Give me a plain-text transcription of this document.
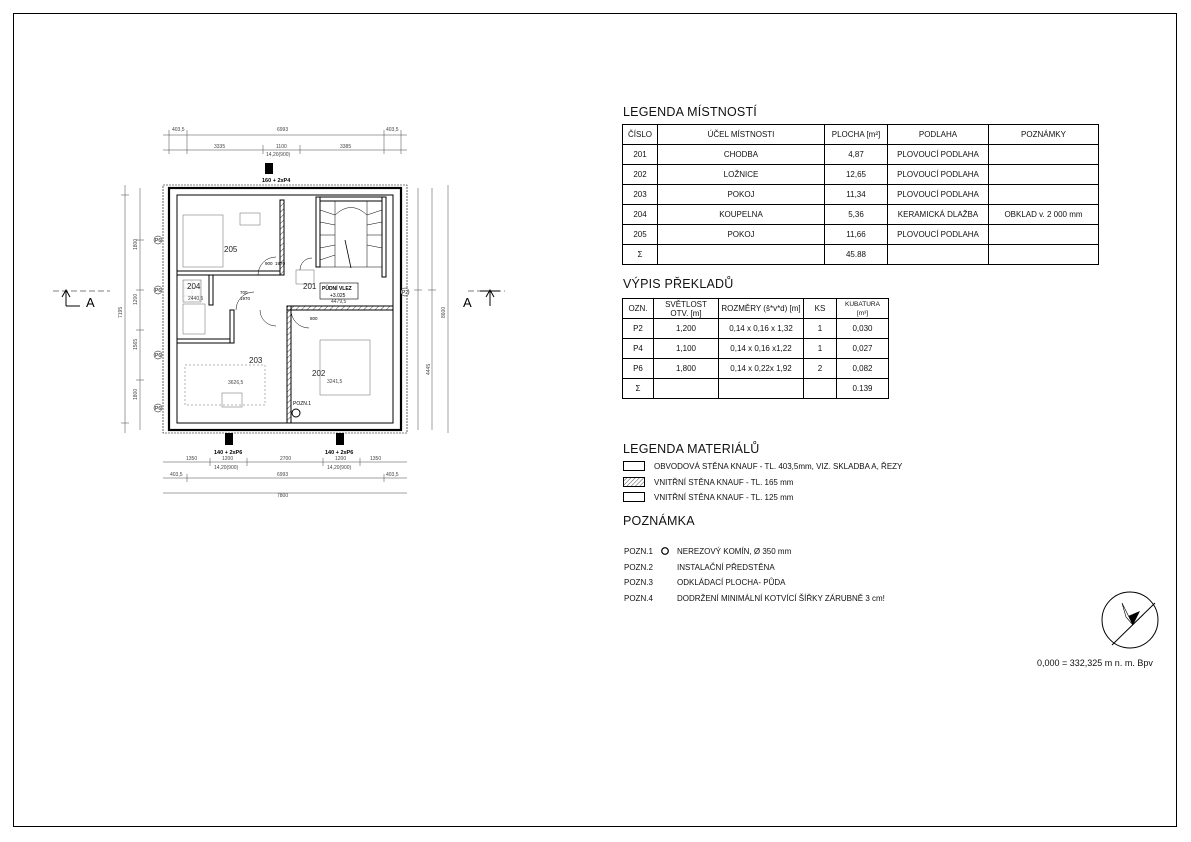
403,5	6993	403,5
3335	1100	3385
14,20(900)
160 + 2xP4
POZN.1
PŮDNÍ VLEZ
+3.025
205
204	201
203
202
3626,5	3241,5
2440,5	4479,5
700
1970
900 1970
800
P6
P6
P6
P6
P2
7195
1800
1200
1565
1800
8600
4445
1350	1200	2700	1200	1350
14,20(900)	14,20(900)
403,5	6993	403,5
7800
140 + 2xP6	140 + 2xP6
A	A
LEGENDA MÍSTNOSTÍ
ČÍSLO	ÚČEL MÍSTNOSTI	PLOCHA [m²]	PODLAHA	POZNÁMKY
201	CHODBA	4,87	PLOVOUCÍ PODLAHA	
202	LOŽNICE	12,65	PLOVOUCÍ PODLAHA	
203	POKOJ	11,34	PLOVOUCÍ PODLAHA	
204	KOUPELNA	5,36	KERAMICKÁ DLAŽBA	OBKLAD v. 2 000 mm
205	POKOJ	11,66	PLOVOUCÍ PODLAHA	
Σ		45.88		
VÝPIS PŘEKLADŮ
OZN.	SVĚTLOST OTV. [m]	ROZMĚRY (š*v*d) [m]	KS	KUBATURA [m³]
P2	1,200	0,14 x 0,16 x 1,32	1	0,030
P4	1,100	0,14 x 0,16 x1,22	1	0,027
P6	1,800	0,14 x 0,22x 1,92	2	0,082
Σ				0.139
LEGENDA MATERIÁLŮ
OBVODOVÁ STĚNA KNAUF - TL. 403,5mm, VIZ. SKLADBA A, ŘEZY
VNITŘNÍ STĚNA KNAUF - TL. 165 mm
VNITŘNÍ STĚNA KNAUF - TL. 125 mm
POZNÁMKA
POZN.1	NEREZOVÝ KOMÍN, Ø 350 mm
POZN.2	INSTALAČNÍ PŘEDSTĚNA
POZN.3	ODKLÁDACÍ PLOCHA- PŮDA
POZN.4	DODRŽENÍ MINIMÁLNÍ KOTVÍCÍ ŠÍŘKY ZÁRUBNĚ 3 cm!
0,000 = 332,325 m n. m. Bpv
